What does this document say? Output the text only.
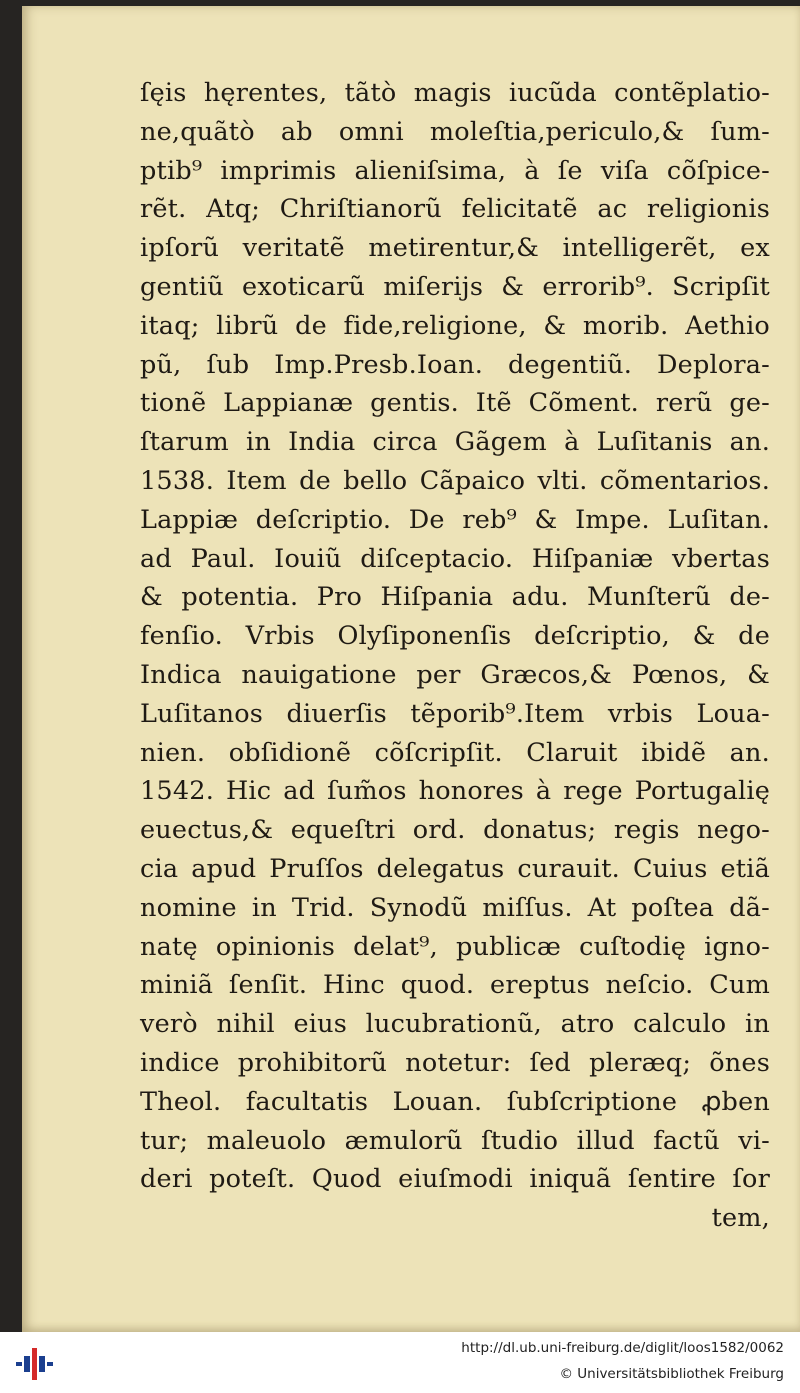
ſęis hęrentes, tãtò magis iucũda contẽplatio-
ne,quãtò ab omni moleſtia,periculo,& ſum-
ptib⁹ imprimis alieniſsima, à ſe viſa cõſpice-
rẽt. Atq; Chriſtianorũ felicitatẽ ac religionis
ipſorũ veritatẽ metirentur,& intelligerẽt, ex
gentiũ exoticarũ miſerijs & errorib⁹. Scripſit
itaq; librũ de fide,religione, & morib. Aethio
pũ, ſub Imp.Presb.Ioan. degentiũ. Deplora-
tionẽ Lappianæ gentis. Itẽ Cõment. rerũ ge-
ſtarum in India circa Gãgem à Luſitanis an.
1538. Item de bello Cãpaico vlti. cõmentarios.
Lappiæ deſcriptio. De reb⁹ & Impe. Luſitan.
ad Paul. Iouiũ diſceptacio. Hiſpaniæ vbertas
& potentia. Pro Hiſpania adu. Munſterũ de-
fenſio. Vrbis Olyſiponenſis deſcriptio, & de
Indica nauigatione per Græcos,& Pœnos, &
Luſitanos diuerſis tẽporib⁹.Item vrbis Loua-
nien. obſidionẽ cõſcripſit. Claruit ibidẽ an.
1542. Hic ad ſum̃os honores à rege Portugalię
euectus,& equeſtri ord. donatus; regis nego-
cia apud Pruſſos delegatus curauit. Cuius etiã
nomine in Trid. Synodũ miſſus. At poſtea dã-
natę opinionis delat⁹, publicæ cuſtodię igno-
miniã ſenſit. Hinc quod. ereptus neſcio. Cum
verò nihil eius lucubrationũ, atro calculo in
indice prohibitorũ notetur: ſed pleræq; õnes
Theol. facultatis Louan. ſubſcriptione ꝓben
tur; maleuolo æmulorũ ſtudio illud factũ vi-
deri poteſt. Quod eiuſmodi iniquã ſentire ſor
tem,
http://dl.ub.uni-freiburg.de/diglit/loos1582/0062
© Universitätsbibliothek Freiburg
